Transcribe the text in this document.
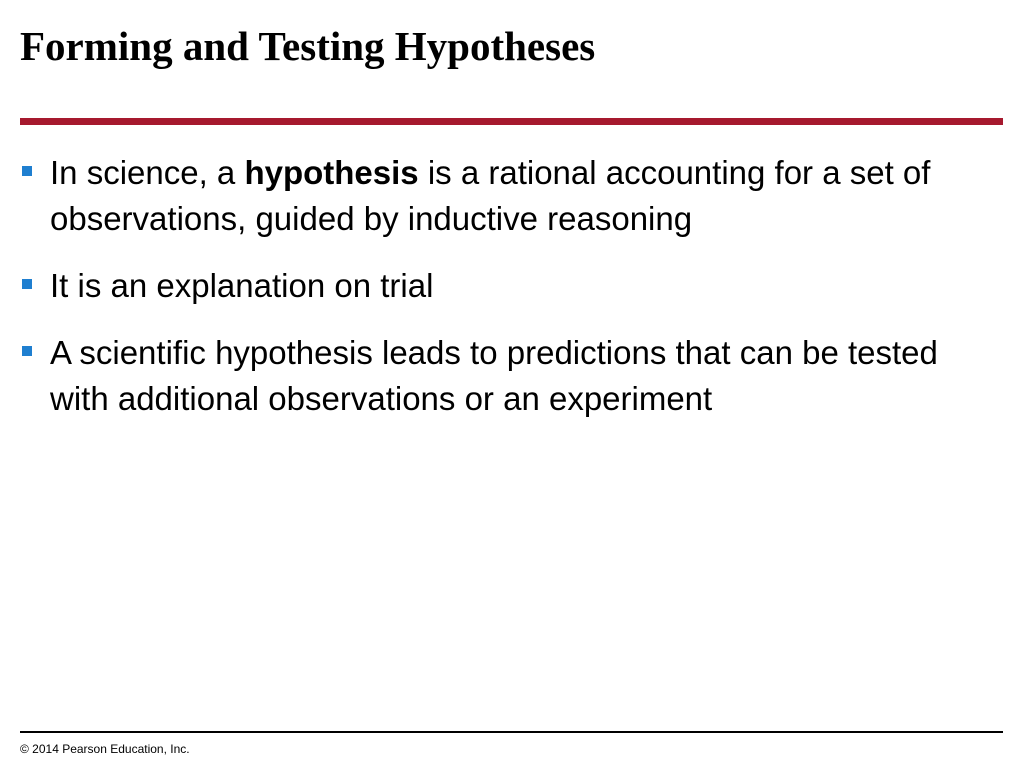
Forming and Testing Hypotheses
In science, a hypothesis is a rational accounting for a set of observations, guided by inductive reasoning
It is an explanation on trial
A scientific hypothesis leads to predictions that can be tested with additional observations or an experiment
© 2014 Pearson Education, Inc.
